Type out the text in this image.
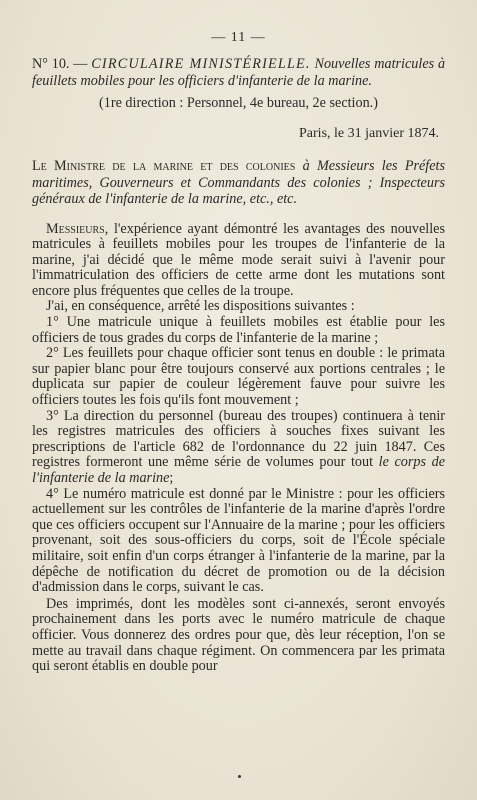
— 11 —
N° 10. — CIRCULAIRE MINISTÉRIELLE. Nouvelles matricules à feuillets mobiles pour les officiers d'infanterie de la marine.
(1re direction : Personnel, 4e bureau, 2e section.)
Paris, le 31 janvier 1874.
Le Ministre de la marine et des colonies à Messieurs les Préfets maritimes, Gouverneurs et Commandants des colonies ; Inspecteurs généraux de l'infanterie de la marine, etc., etc.

Messieurs, l'expérience ayant démontré les avantages des nouvelles matricules à feuillets mobiles pour les troupes de l'infanterie de la marine, j'ai décidé que le même mode serait suivi à l'avenir pour l'immatriculation des officiers de cette arme dont les mutations sont encore plus fréquentes que celles de la troupe.

J'ai, en conséquence, arrêté les dispositions suivantes :

1° Une matricule unique à feuillets mobiles est établie pour les officiers de tous grades du corps de l'infanterie de la marine ;

2° Les feuillets pour chaque officier sont tenus en double : le primata sur papier blanc pour être toujours conservé aux portions centrales ; le duplicata sur papier de couleur légèrement fauve pour suivre les officiers toutes les fois qu'ils font mouvement ;

3° La direction du personnel (bureau des troupes) continuera à tenir les registres matricules des officiers à souches fixes suivant les prescriptions de l'article 682 de l'ordonnance du 22 juin 1847. Ces registres formeront une même série de volumes pour tout le corps de l'infanterie de la marine;

4° Le numéro matricule est donné par le Ministre : pour les officiers actuellement sur les contrôles de l'infanterie de la marine d'après l'ordre que ces officiers occupent sur l'Annuaire de la marine ; pour les officiers provenant, soit des sous-officiers du corps, soit de l'École spéciale militaire, soit enfin d'un corps étranger à l'infanterie de la marine, par la dépêche de notification du décret de promotion ou de la décision d'admission dans le corps, suivant le cas.

Des imprimés, dont les modèles sont ci-annexés, seront envoyés prochainement dans les ports avec le numéro matricule de chaque officier. Vous donnerez des ordres pour que, dès leur réception, l'on se mette au travail dans chaque régiment. On commencera par les primata qui seront établis en double pour
